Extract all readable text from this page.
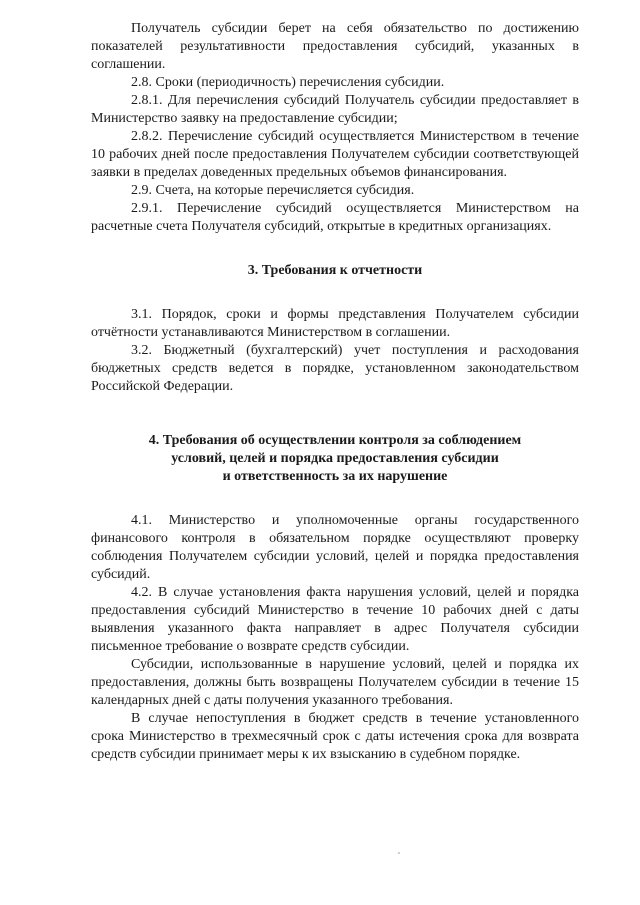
Получатель субсидии берет на себя обязательство по достижению показателей результативности предоставления субсидий, указанных в соглашении.
2.8. Сроки (периодичность) перечисления субсидии.
2.8.1. Для перечисления субсидий Получатель субсидии предоставляет в Министерство заявку на предоставление субсидии;
2.8.2. Перечисление субсидий осуществляется Министерством в течение 10 рабочих дней после предоставления Получателем субсидии соответствующей заявки в пределах доведенных предельных объемов финансирования.
2.9. Счета, на которые перечисляется субсидия.
2.9.1. Перечисление субсидий осуществляется Министерством на расчетные счета Получателя субсидий, открытые в кредитных организациях.
3. Требования к отчетности
3.1. Порядок, сроки и формы представления Получателем субсидии отчётности устанавливаются Министерством в соглашении.
3.2. Бюджетный (бухгалтерский) учет поступления и расходования бюджетных средств ведется в порядке, установленном законодательством Российской Федерации.
4. Требования об осуществлении контроля за соблюдением
условий, целей и порядка предоставления субсидии
и ответственность за их нарушение
4.1. Министерство и уполномоченные органы государственного финансового контроля в обязательном порядке осуществляют проверку соблюдения Получателем субсидии условий, целей и порядка предоставления субсидий.
4.2. В случае установления факта нарушения условий, целей и порядка предоставления субсидий Министерство в течение 10 рабочих дней с даты выявления указанного факта направляет в адрес Получателя субсидии письменное требование о возврате средств субсидии.
Субсидии, использованные в нарушение условий, целей и порядка их предоставления, должны быть возвращены Получателем субсидии в течение 15 календарных дней с даты получения указанного требования.
В случае непоступления в бюджет средств в течение установленного срока Министерство в трехмесячный срок с даты истечения срока для возврата средств субсидии принимает меры к их взысканию в судебном порядке.
